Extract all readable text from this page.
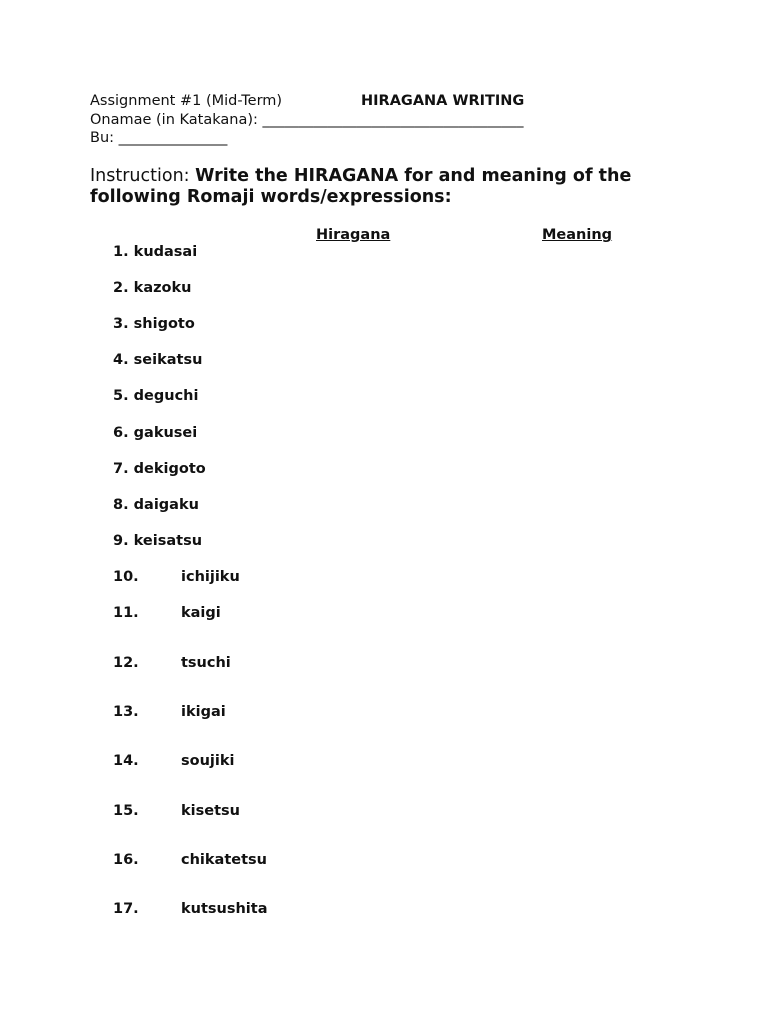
Assignment #1 (Mid-Term)	HIRAGANA WRITING
Onamae (in Katakana): ____________________________________
Bu: _______________
Instruction: Write the HIRAGANA for and meaning of the
following Romaji words/expressions:
Hiragana	Meaning
1. kudasai
2. kazoku
3. shigoto
4. seikatsu
5. deguchi
6. gakusei
7. dekigoto
8. daigaku
9. keisatsu
10.	ichijiku
11.	kaigi
12.	tsuchi
13.	ikigai
14.	soujiki
15.	kisetsu
16.	chikatetsu
17.	kutsushita
